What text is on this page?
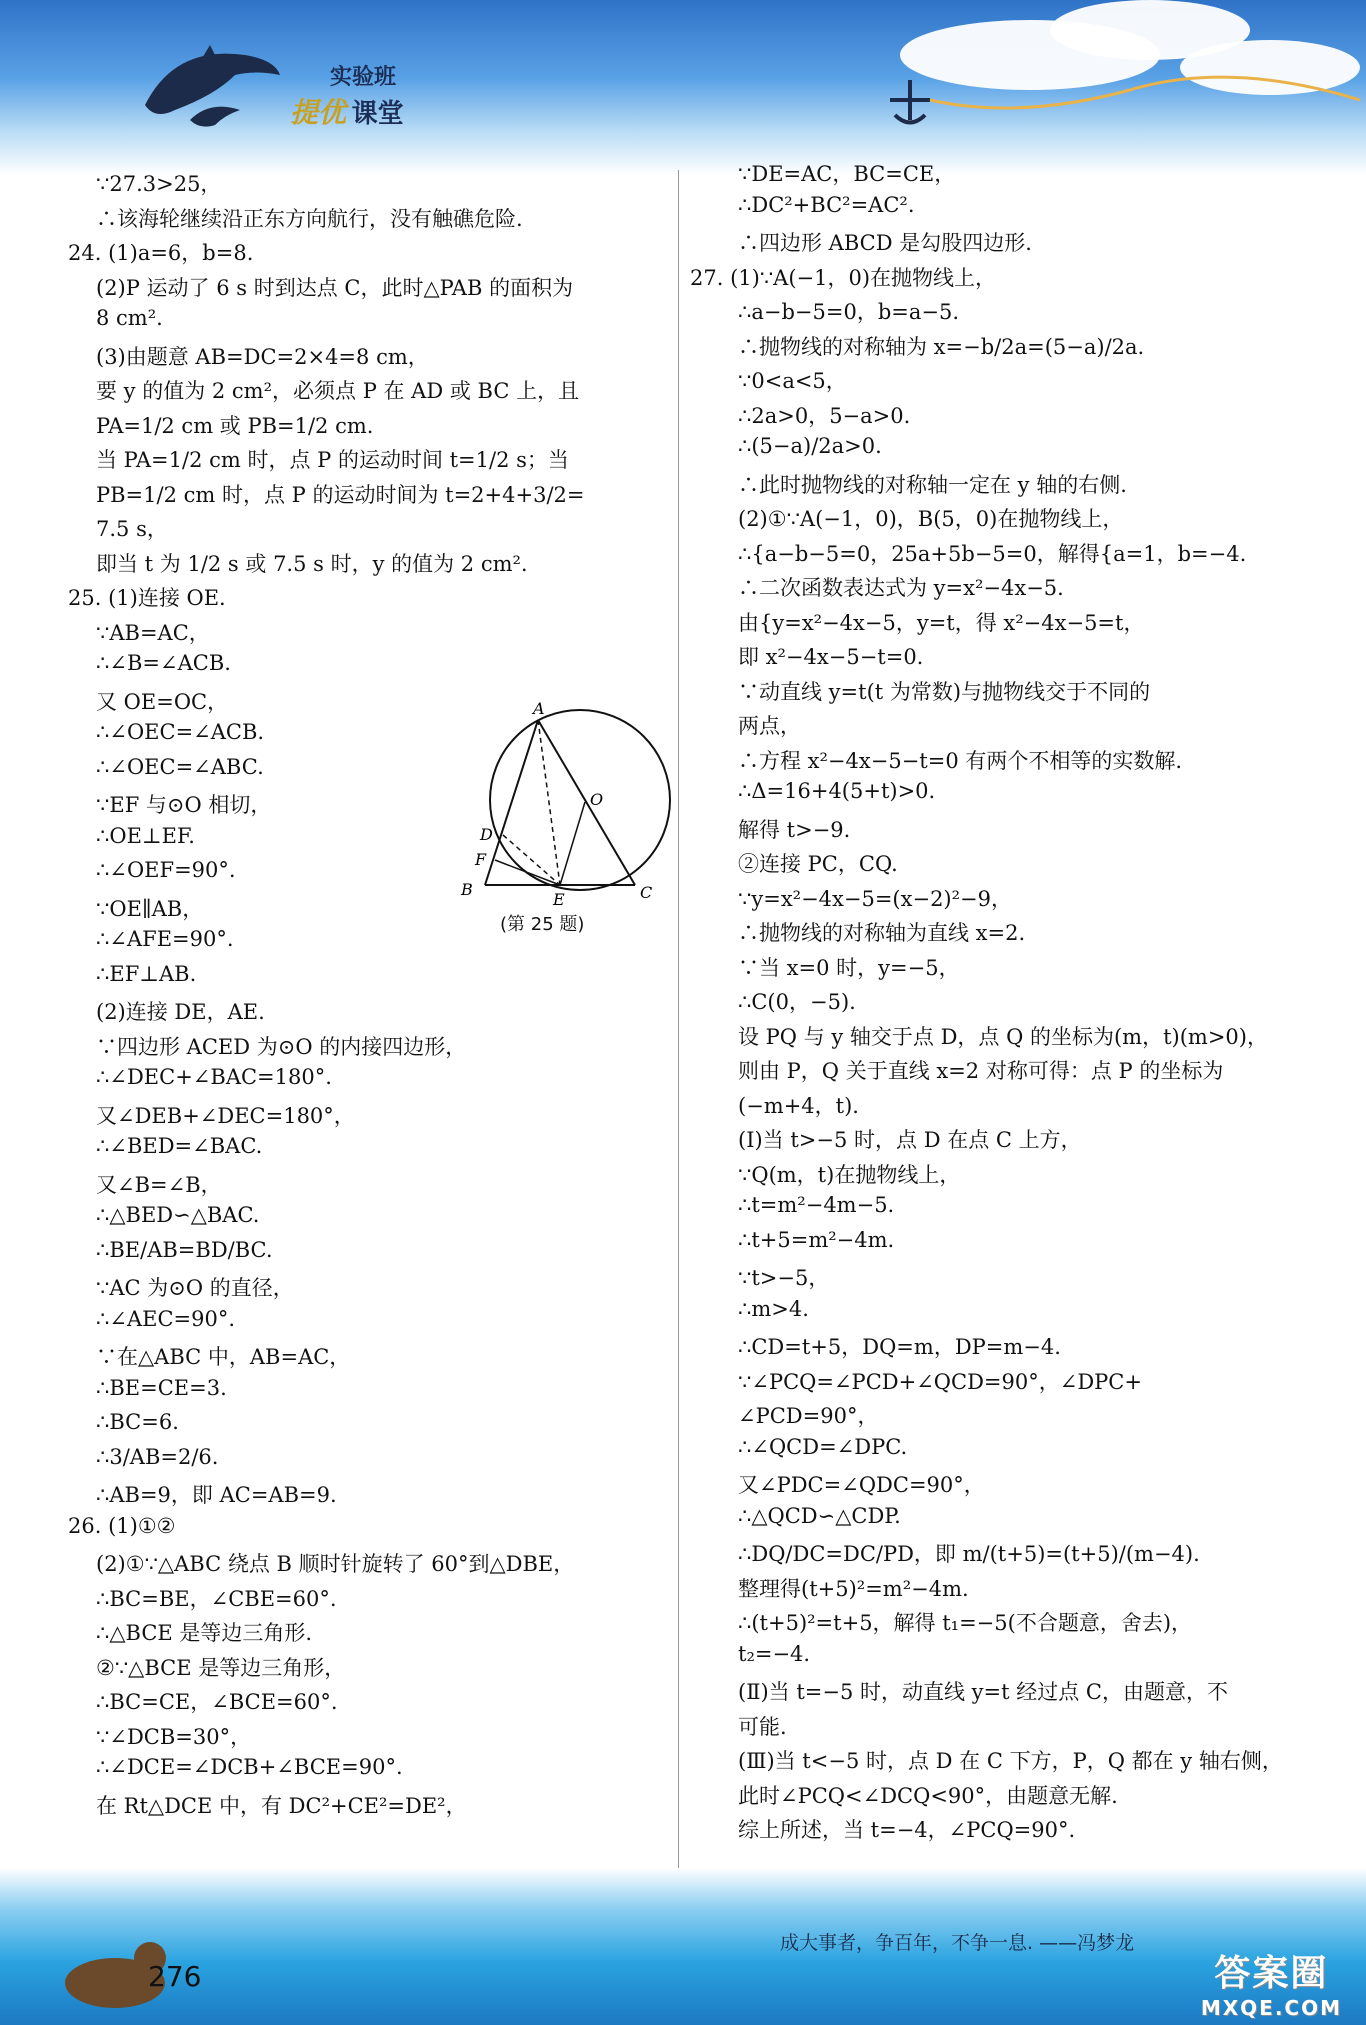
实验班
提优 课堂
∵27.3>25，
∴该海轮继续沿正东方向航行，没有触礁危险.
24. (1)a=6，b=8.
(2)P 运动了 6 s 时到达点 C，此时△PAB 的面积为
8 cm².
(3)由题意 AB=DC=2×4=8 cm，
要 y 的值为 2 cm²，必须点 P 在 AD 或 BC 上，且
PA=1/2 cm 或 PB=1/2 cm.
当 PA=1/2 cm 时，点 P 的运动时间 t=1/2 s；当
PB=1/2 cm 时，点 P 的运动时间为 t=2+4+3/2=
7.5 s，
即当 t 为 1/2 s 或 7.5 s 时，y 的值为 2 cm².
25. (1)连接 OE.
∵AB=AC，
∴∠B=∠ACB.
又 OE=OC，
∴∠OEC=∠ACB.
∴∠OEC=∠ABC.
∵EF 与⊙O 相切，
∴OE⊥EF.
∴∠OEF=90°.
∵OE∥AB，
∴∠AFE=90°.
∴EF⊥AB.
(2)连接 DE，AE.
∵四边形 ACED 为⊙O 的内接四边形，
∴∠DEC+∠BAC=180°.
又∠DEB+∠DEC=180°，
∴∠BED=∠BAC.
又∠B=∠B，
∴△BED∽△BAC.
∴BE/AB=BD/BC.
∵AC 为⊙O 的直径，
∴∠AEC=90°.
∵在△ABC 中，AB=AC，
∴BE=CE=3.
∴BC=6.
∴3/AB=2/6.
∴AB=9，即 AC=AB=9.
26. (1)①②
(2)①∵△ABC 绕点 B 顺时针旋转了 60°到△DBE，
∴BC=BE，∠CBE=60°.
∴△BCE 是等边三角形.
②∵△BCE 是等边三角形，
∴BC=CE，∠BCE=60°.
∵∠DCB=30°，
∴∠DCE=∠DCB+∠BCE=90°.
在 Rt△DCE 中，有 DC²+CE²=DE²，
∵DE=AC，BC=CE，
∴DC²+BC²=AC².
∴四边形 ABCD 是勾股四边形.
27. (1)∵A(−1，0)在抛物线上，
∴a−b−5=0，b=a−5.
∴抛物线的对称轴为 x=−b/2a=(5−a)/2a.
∵0<a<5，
∴2a>0，5−a>0.
∴(5−a)/2a>0.
∴此时抛物线的对称轴一定在 y 轴的右侧.
(2)①∵A(−1，0)，B(5，0)在抛物线上，
∴{a−b−5=0，25a+5b−5=0，解得{a=1，b=−4.
∴二次函数表达式为 y=x²−4x−5.
由{y=x²−4x−5，y=t，得 x²−4x−5=t，
即 x²−4x−5−t=0.
∵动直线 y=t(t 为常数)与抛物线交于不同的
两点，
∴方程 x²−4x−5−t=0 有两个不相等的实数解.
∴Δ=16+4(5+t)>0.
解得 t>−9.
②连接 PC，CQ.
∵y=x²−4x−5=(x−2)²−9，
∴抛物线的对称轴为直线 x=2.
∵当 x=0 时，y=−5，
∴C(0，−5).
设 PQ 与 y 轴交于点 D，点 Q 的坐标为(m，t)(m>0)，
则由 P，Q 关于直线 x=2 对称可得：点 P 的坐标为
(−m+4，t).
(Ⅰ)当 t>−5 时，点 D 在点 C 上方，
∵Q(m，t)在抛物线上，
∴t=m²−4m−5.
∴t+5=m²−4m.
∵t>−5，
∴m>4.
∴CD=t+5，DQ=m，DP=m−4.
∵∠PCQ=∠PCD+∠QCD=90°，∠DPC+
∠PCD=90°，
∴∠QCD=∠DPC.
又∠PDC=∠QDC=90°，
∴△QCD∽△CDP.
∴DQ/DC=DC/PD，即 m/(t+5)=(t+5)/(m−4).
整理得(t+5)²=m²−4m.
∴(t+5)²=t+5，解得 t₁=−5(不合题意，舍去)，
t₂=−4.
(Ⅱ)当 t=−5 时，动直线 y=t 经过点 C，由题意，不
可能.
(Ⅲ)当 t<−5 时，点 D 在 C 下方，P，Q 都在 y 轴右侧，
此时∠PCQ<∠DCQ<90°，由题意无解.
综上所述，当 t=−4，∠PCQ=90°.
A
O
D
F
B
E	C
(第 25 题)
276
成大事者，争百年，不争一息. ——冯梦龙
答案圈
MXQE.COM
